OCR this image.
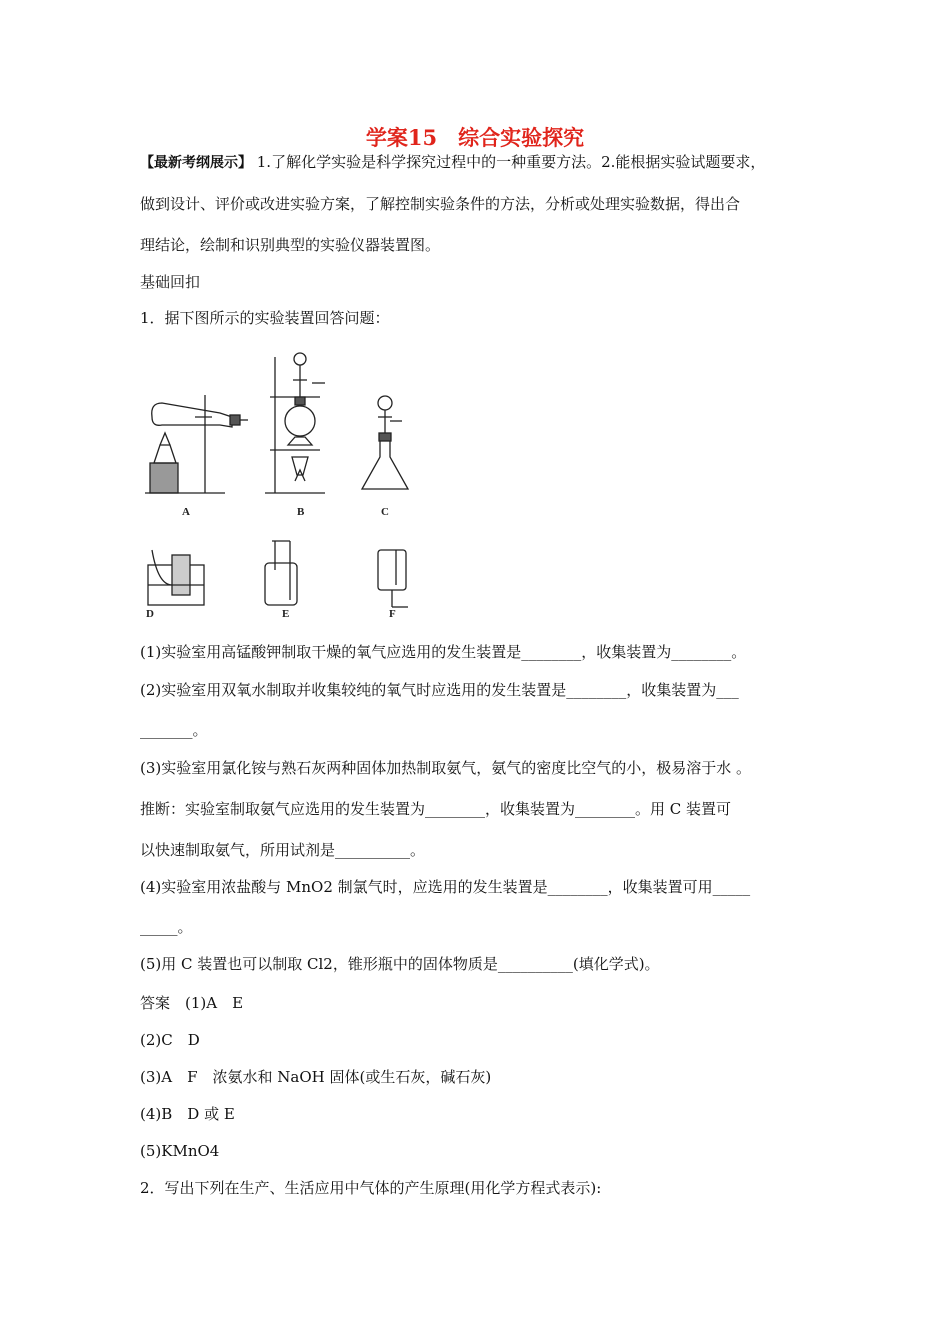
学案15　综合实验探究
【最新考纲展示】 1.了解化学实验是科学探究过程中的一种重要方法。2.能根据实验试题要求，
做到设计、评价或改进实验方案，了解控制实验条件的方法，分析或处理实验数据，得出合
理结论，绘制和识别典型的实验仪器装置图。
基础回扣
1．据下图所示的实验装置回答问题：
A	B	C
D	E	F
(1)实验室用高锰酸钾制取干燥的氧气应选用的发生装置是________，收集装置为________。
(2)实验室用双氧水制取并收集较纯的氧气时应选用的发生装置是________，收集装置为___
_______。
(3)实验室用氯化铵与熟石灰两种固体加热制取氨气，氨气的密度比空气的小，极易溶于水 。
推断：实验室制取氨气应选用的发生装置为________，收集装置为________。用 C 装置可
以快速制取氨气，所用试剂是__________。
(4)实验室用浓盐酸与 MnO2 制氯气时，应选用的发生装置是________，收集装置可用_____
_____。
(5)用 C 装置也可以制取 Cl2，锥形瓶中的固体物质是__________(填化学式)。
答案　(1)A　E
(2)C　D
(3)A　F　浓氨水和 NaOH 固体(或生石灰，碱石灰)
(4)B　D 或 E
(5)KMnO4
2．写出下列在生产、生活应用中气体的产生原理(用化学方程式表示):
